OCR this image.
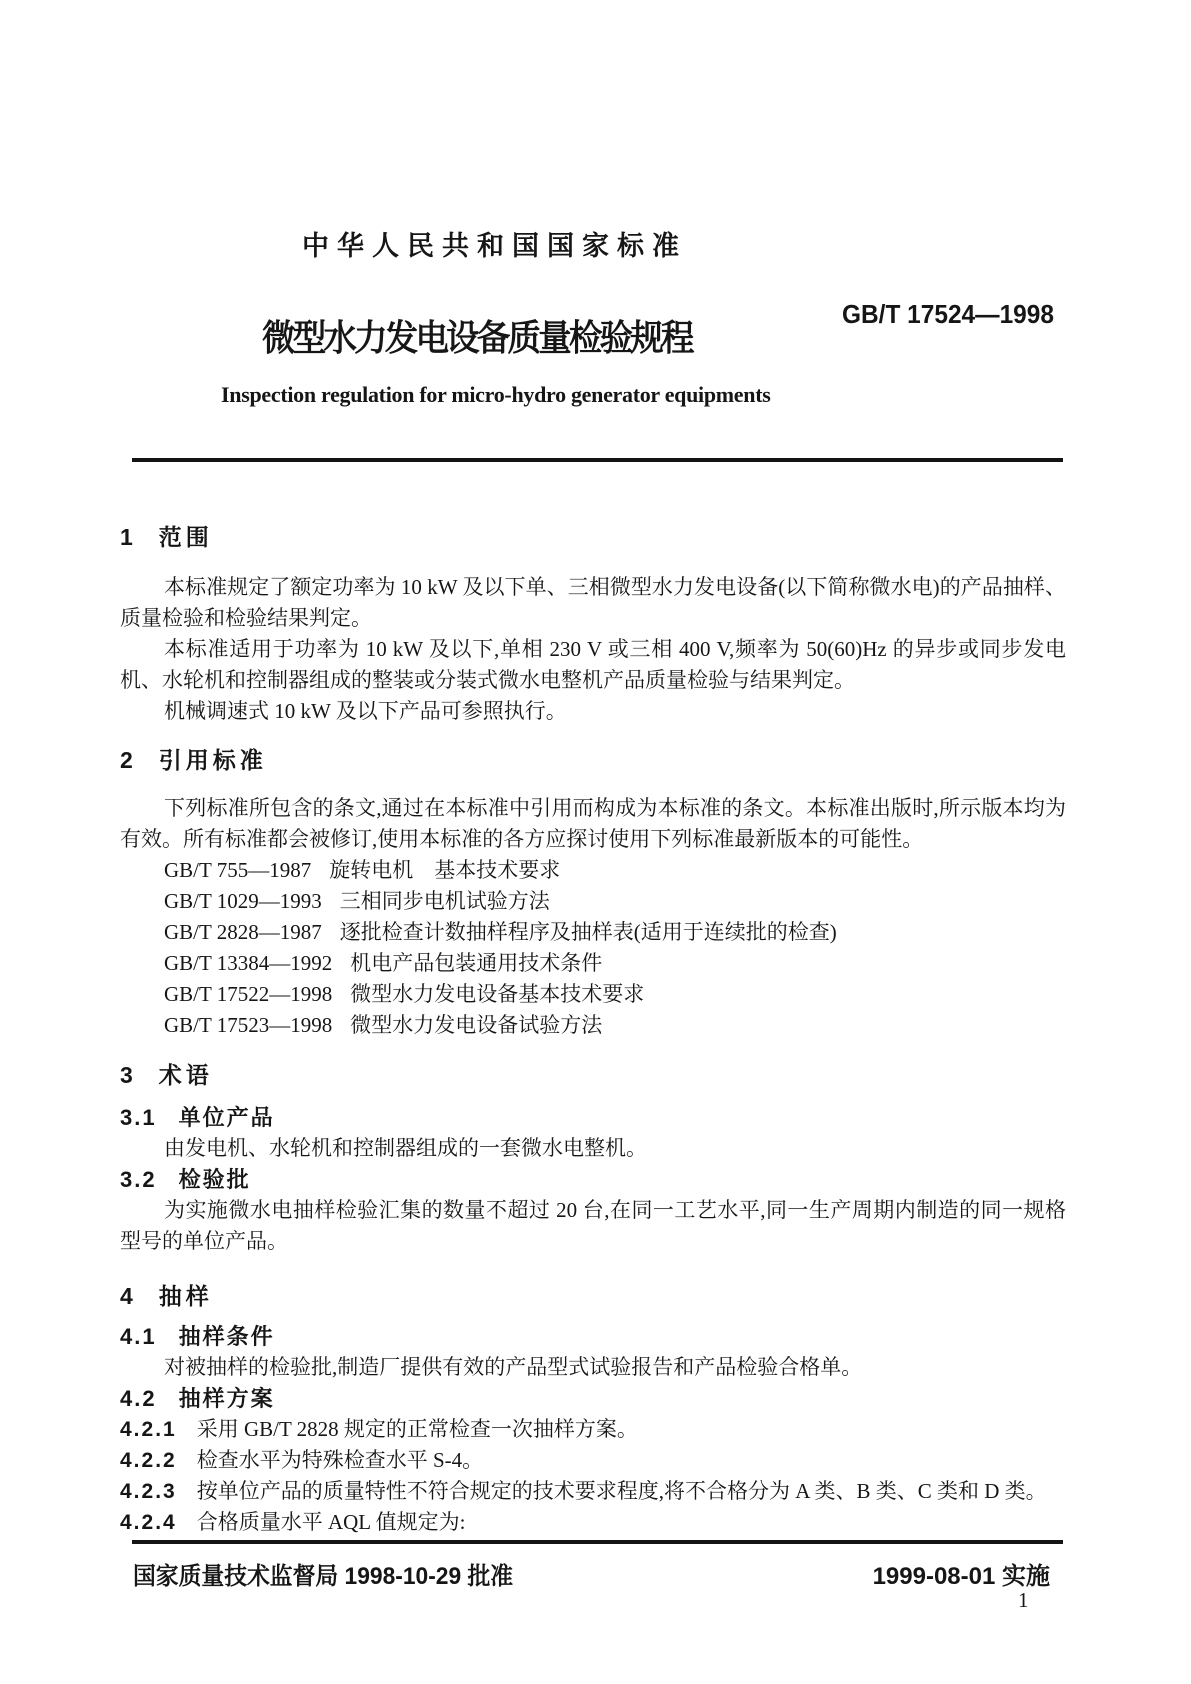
中华人民共和国国家标准
GB/T 17524—1998
微型水力发电设备质量检验规程
Inspection regulation for micro-hydro generator equipments
1 范围

本标准规定了额定功率为 10 kW 及以下单、三相微型水力发电设备(以下简称微水电)的产品抽样、质量检验和检验结果判定。

本标准适用于功率为 10 kW 及以下,单相 230 V 或三相 400 V,频率为 50(60)Hz 的异步或同步发电机、水轮机和控制器组成的整装或分装式微水电整机产品质量检验与结果判定。

机械调速式 10 kW 及以下产品可参照执行。

2 引用标准

下列标准所包含的条文,通过在本标准中引用而构成为本标准的条文。本标准出版时,所示版本均为有效。所有标准都会被修订,使用本标准的各方应探讨使用下列标准最新版本的可能性。

GB/T 755—1987 旋转电机　基本技术要求
GB/T 1029—1993 三相同步电机试验方法
GB/T 2828—1987 逐批检查计数抽样程序及抽样表(适用于连续批的检查)
GB/T 13384—1992 机电产品包装通用技术条件
GB/T 17522—1998 微型水力发电设备基本技术要求
GB/T 17523—1998 微型水力发电设备试验方法
3 术语
3.1 单位产品

由发电机、水轮机和控制器组成的一套微水电整机。

3.2 检验批

为实施微水电抽样检验汇集的数量不超过 20 台,在同一工艺水平,同一生产周期内制造的同一规格型号的单位产品。

4 抽样
4.1 抽样条件

对被抽样的检验批,制造厂提供有效的产品型式试验报告和产品检验合格单。

4.2 抽样方案
4.2.1 采用 GB/T 2828 规定的正常检查一次抽样方案。
4.2.2 检查水平为特殊检查水平 S-4。
4.2.3 按单位产品的质量特性不符合规定的技术要求程度,将不合格分为 A 类、B 类、C 类和 D 类。
4.2.4 合格质量水平 AQL 值规定为:
国家质量技术监督局 1998-10-29 批准	1999-08-01 实施
1
